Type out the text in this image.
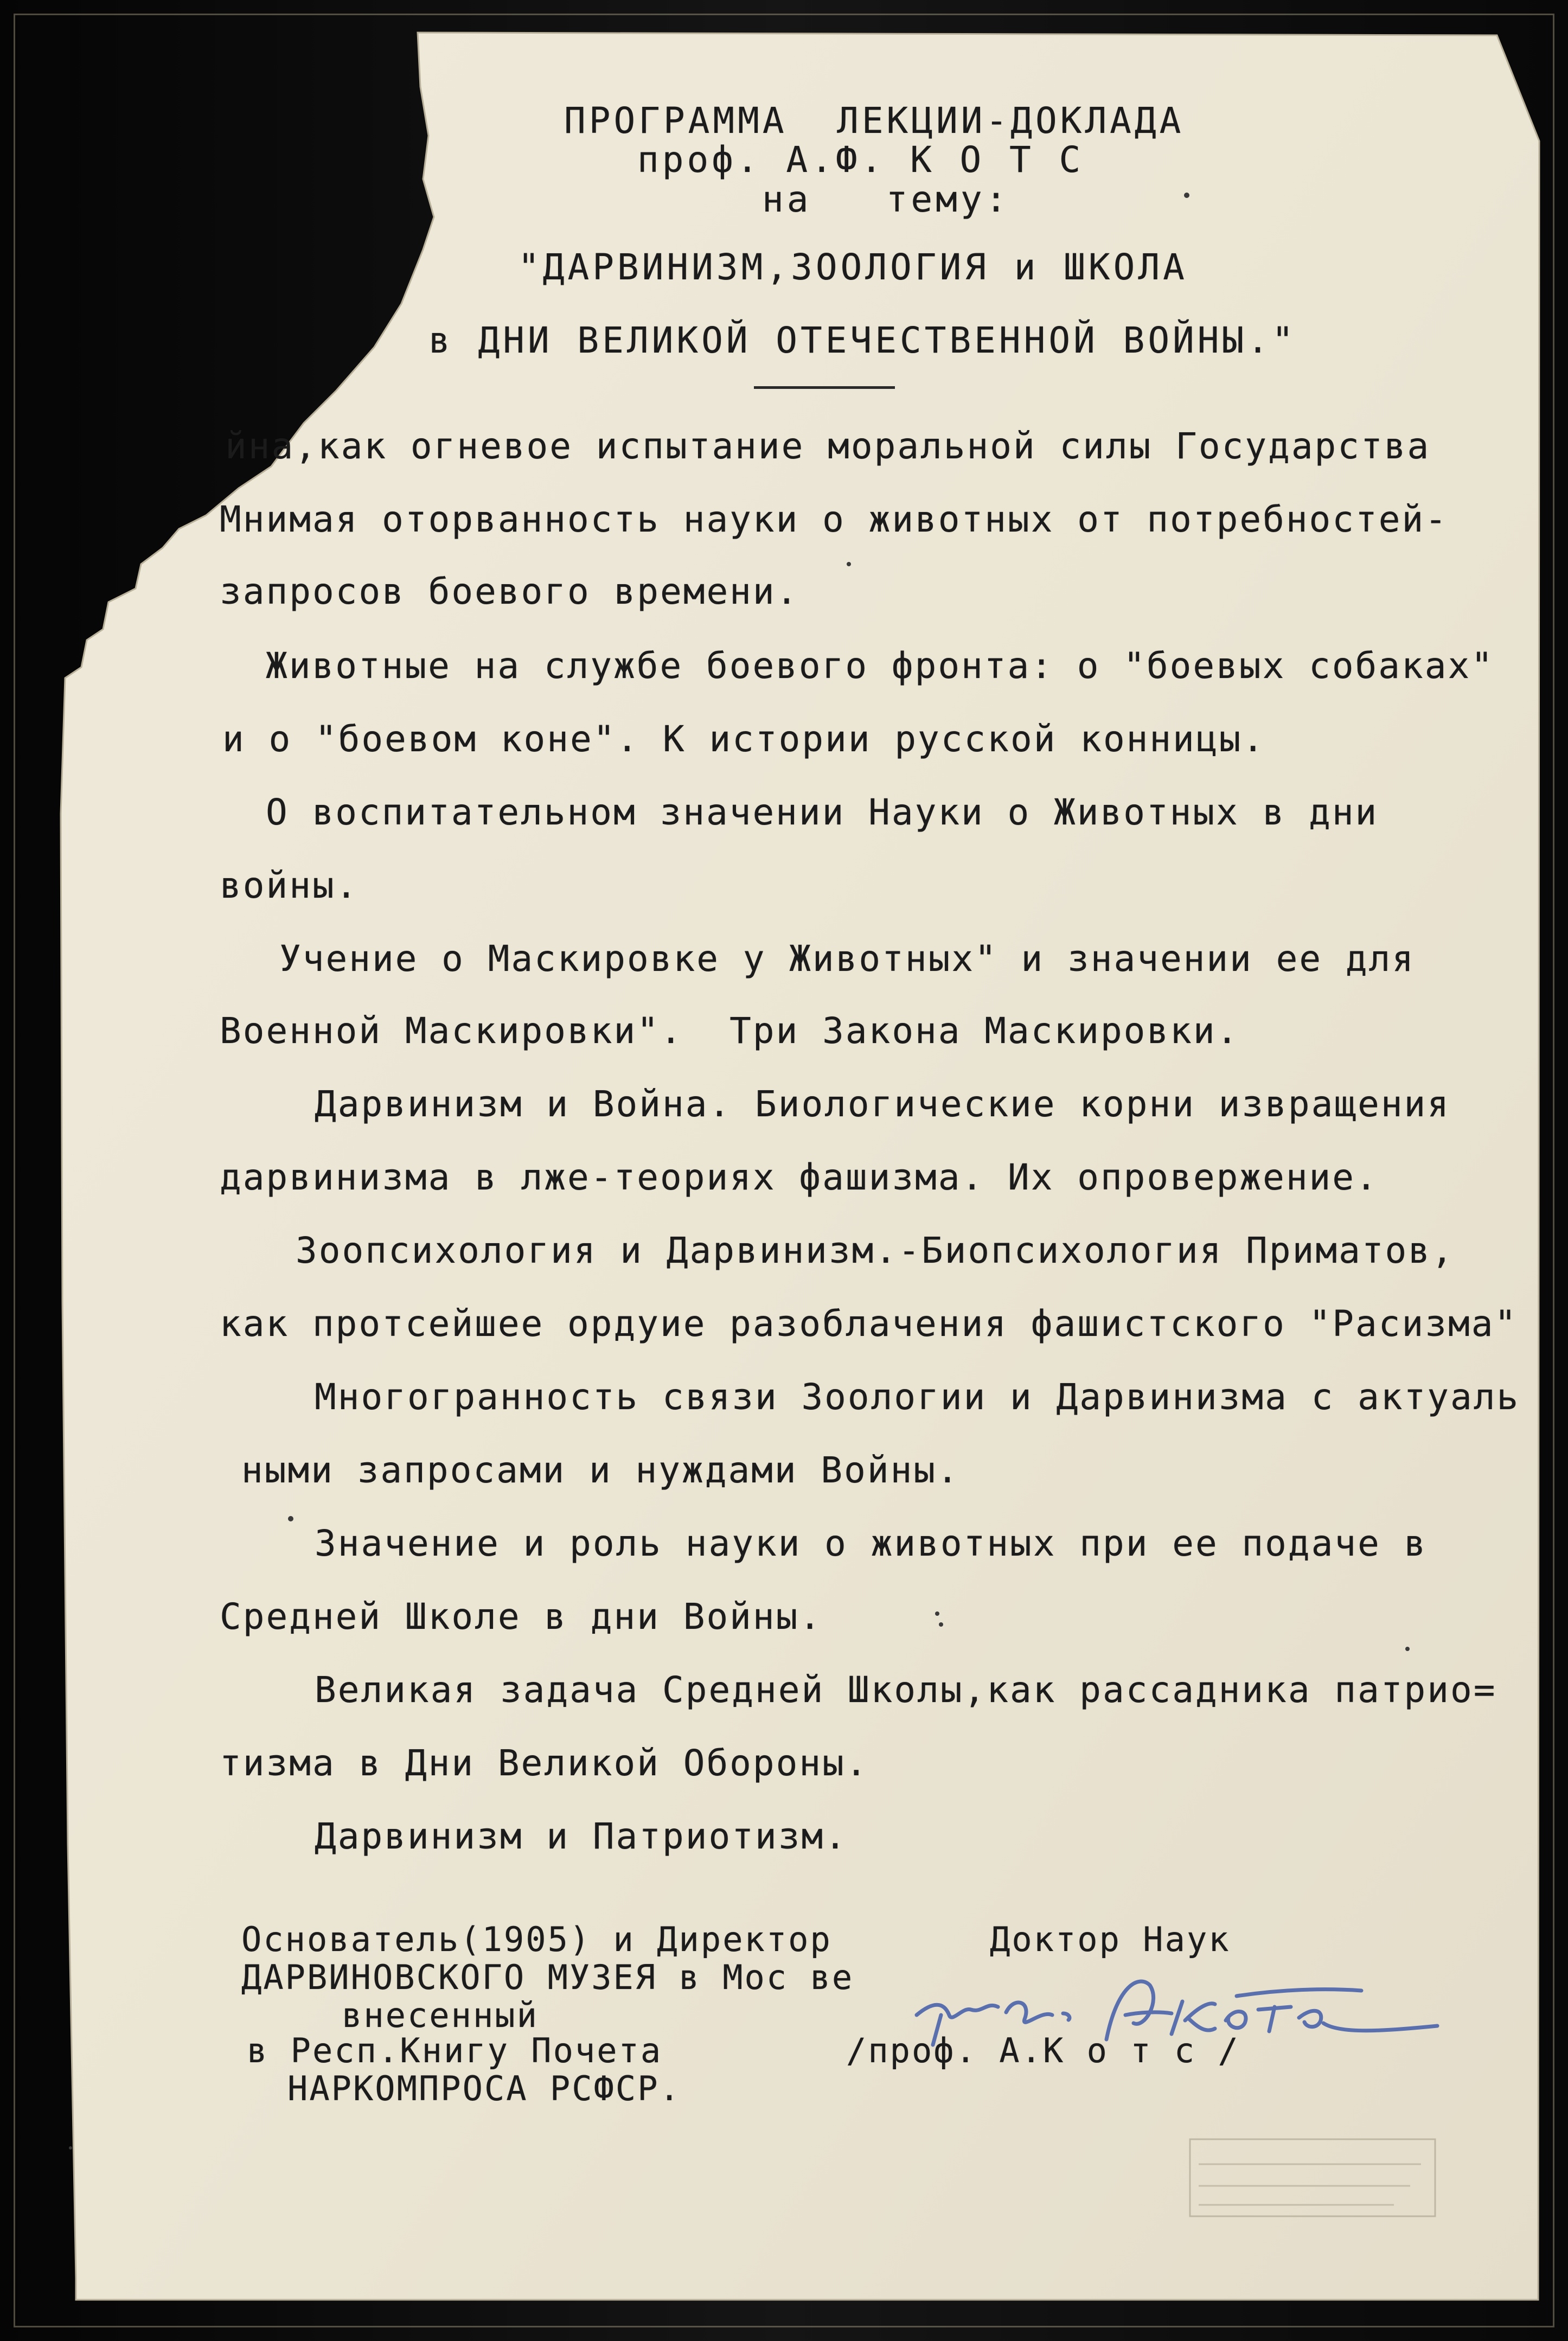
ПРОГРАММА  ЛЕКЦИИ-ДОКЛАДА
проф. А.Ф. К О Т С
на   тему:
"ДАРВИНИЗМ,ЗООЛОГИЯ и ШКОЛА
в ДНИ ВЕЛИКОЙ ОТЕЧЕСТВЕННОЙ ВОЙНЫ."
йна,как огневое испытание моральной силы Государства
Мнимая оторванность науки о животных от потребностей-
запросов боевого времени.
Животные на службе боевого фронта: о "боевых собаках"
и о "боевом коне". К истории русской конницы.
О воспитательном значении Науки о Животных в дни
войны.
Учение о Маскировке у Животных" и значении ее для
Военной Маскировки".  Три Закона Маскировки.
Дарвинизм и Война. Биологические корни извращения
дарвинизма в лже-теориях фашизма. Их опровержение.
Зоопсихология и Дарвинизм.-Биопсихология Приматов,
как протсейшее ордуие разоблачения фашистского "Расизма"
Многогранность связи Зоологии и Дарвинизма с актуаль
ными запросами и нуждами Войны.
Значение и роль науки о животных при ее подаче в
Средней Школе в дни Войны.
Великая задача Средней Школы,как рассадника патрио=
тизма в Дни Великой Обороны.
Дарвинизм и Патриотизм.
Основатель(1905) и Директор
ДАРВИНОВСКОГО МУЗЕЯ в Мос ве
внесенный
в Респ.Книгу Почета
НАРКОМПРОСА РСФСР.
Доктор Наук
/проф. А.К о т с /
